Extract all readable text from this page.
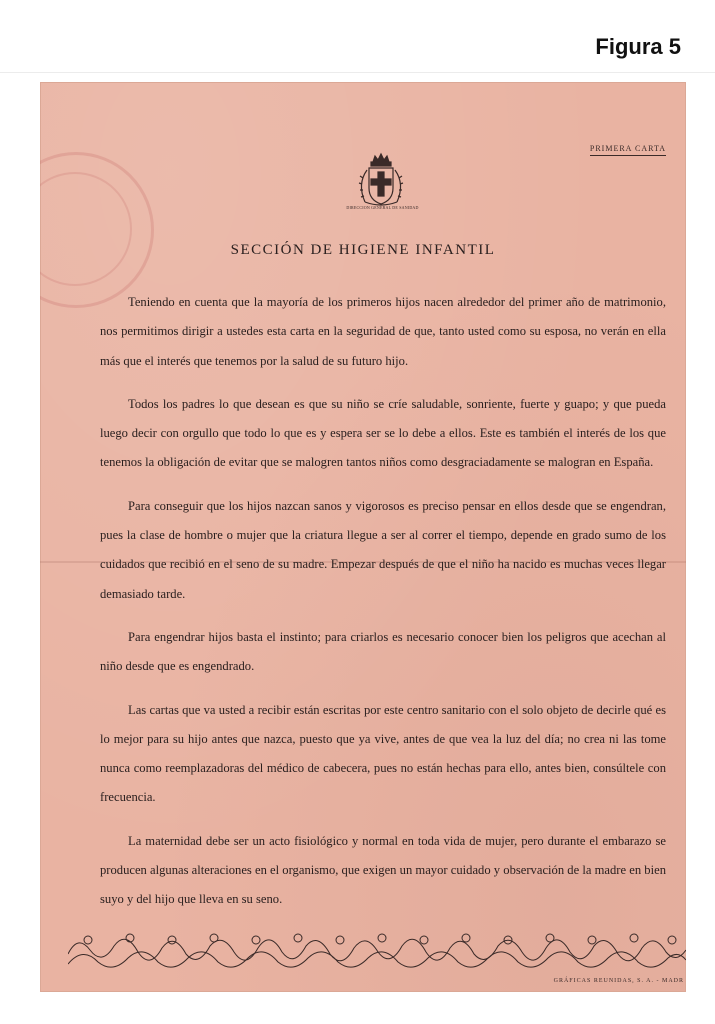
Figura 5
PRIMERA CARTA
DIRECCION GENERAL DE SANIDAD
SECCIÓN DE HIGIENE INFANTIL

Teniendo en cuenta que la mayoría de los primeros hijos nacen alrededor del primer año de matrimonio, nos permitimos dirigir a ustedes esta carta en la seguridad de que, tanto usted como su esposa, no verán en ella más que el interés que tenemos por la salud de su futuro hijo.

Todos los padres lo que desean es que su niño se críe saludable, sonriente, fuerte y guapo; y que pueda luego decir con orgullo que todo lo que es y espera ser se lo debe a ellos. Este es también el interés de los que tenemos la obligación de evitar que se malogren tantos niños como desgraciadamente se malogran en España.

Para conseguir que los hijos nazcan sanos y vigorosos es preciso pensar en ellos desde que se engendran, pues la clase de hombre o mujer que la criatura llegue a ser al correr el tiempo, depende en grado sumo de los cuidados que recibió en el seno de su madre. Empezar después de que el niño ha nacido es muchas veces llegar demasiado tarde.

Para engendrar hijos basta el instinto; para criarlos es necesario conocer bien los peligros que acechan al niño desde que es engendrado.

Las cartas que va usted a recibir están escritas por este centro sanitario con el solo objeto de decirle qué es lo mejor para su hijo antes que nazca, puesto que ya vive, antes de que vea la luz del día; no crea ni las tome nunca como reemplazadoras del médico de cabecera, pues no están hechas para ello, antes bien, consúltele con frecuencia.

La maternidad debe ser un acto fisiológico y normal en toda vida de mujer, pero durante el embarazo se producen algunas alteraciones en el organismo, que exigen un mayor cuidado y observación de la madre en bien suyo y del hijo que lleva en su seno.

GRÁFICAS REUNIDAS, S. A. - MADR
